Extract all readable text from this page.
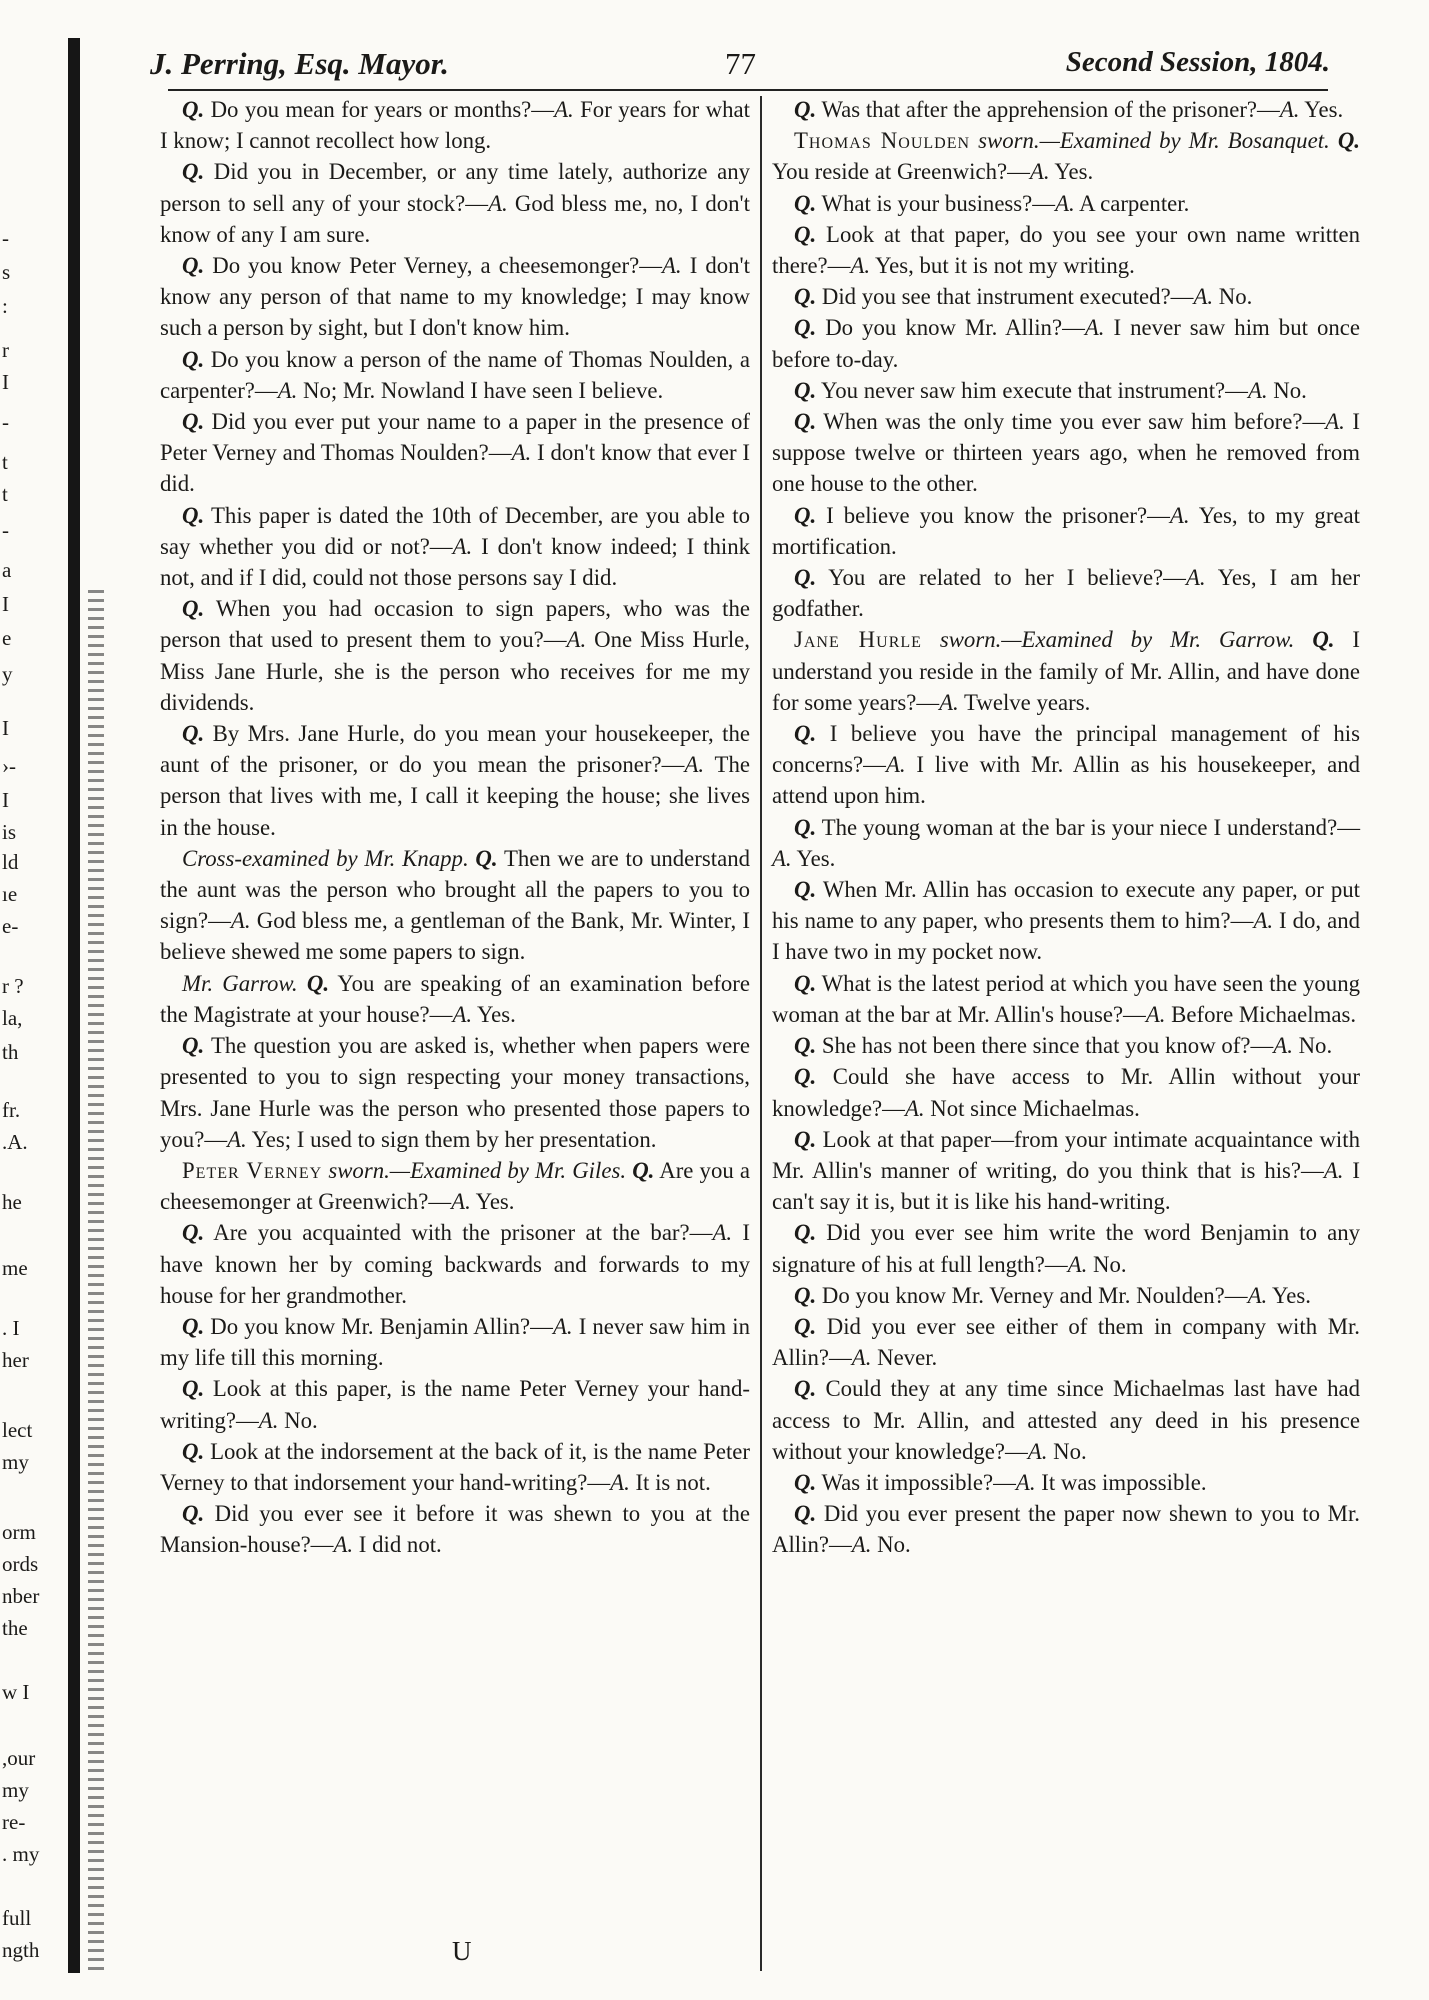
-
s
:
r
I
-
t
t
-
a
I
e
y
I
›-
I
is
ld
ıe
e-
r ?
la,
th
fr.
.A.
he
me
. I
her
lect
my
orm
ords
nber
the
w I
,our
my
re-
. my
full
ngth
J. Perring, Esq. Mayor.	77	Second Session, 1804.

Q. Do you mean for years or months?—A. For years for what I know; I cannot recollect how long.

Q. Did you in December, or any time lately, authorize any person to sell any of your stock?—A. God bless me, no, I don't know of any I am sure.

Q. Do you know Peter Verney, a cheesemonger?—A. I don't know any person of that name to my knowledge; I may know such a person by sight, but I don't know him.

Q. Do you know a person of the name of Thomas Noulden, a carpenter?—A. No; Mr. Nowland I have seen I believe.

Q. Did you ever put your name to a paper in the presence of Peter Verney and Thomas Noulden?—A. I don't know that ever I did.

Q. This paper is dated the 10th of December, are you able to say whether you did or not?—A. I don't know indeed; I think not, and if I did, could not those persons say I did.

Q. When you had occasion to sign papers, who was the person that used to present them to you?—A. One Miss Hurle, Miss Jane Hurle, she is the person who receives for me my dividends.

Q. By Mrs. Jane Hurle, do you mean your housekeeper, the aunt of the prisoner, or do you mean the prisoner?—A. The person that lives with me, I call it keeping the house; she lives in the house.

Cross-examined by Mr. Knapp. Q. Then we are to understand the aunt was the person who brought all the papers to you to sign?—A. God bless me, a gentleman of the Bank, Mr. Winter, I believe shewed me some papers to sign.

Mr. Garrow. Q. You are speaking of an examination before the Magistrate at your house?—A. Yes.

Q. The question you are asked is, whether when papers were presented to you to sign respecting your money transactions, Mrs. Jane Hurle was the person who presented those papers to you?—A. Yes; I used to sign them by her presentation.

Peter Verney sworn.—Examined by Mr. Giles. Q. Are you a cheesemonger at Greenwich?—A. Yes.

Q. Are you acquainted with the prisoner at the bar?—A. I have known her by coming backwards and forwards to my house for her grandmother.

Q. Do you know Mr. Benjamin Allin?—A. I never saw him in my life till this morning.

Q. Look at this paper, is the name Peter Verney your hand-writing?—A. No.

Q. Look at the indorsement at the back of it, is the name Peter Verney to that indorsement your hand-writing?—A. It is not.

Q. Did you ever see it before it was shewn to you at the Mansion-house?—A. I did not.

Q. Was that after the apprehension of the prisoner?—A. Yes.

Thomas Noulden sworn.—Examined by Mr. Bosanquet. Q. You reside at Greenwich?—A. Yes.

Q. What is your business?—A. A carpenter.

Q. Look at that paper, do you see your own name written there?—A. Yes, but it is not my writing.

Q. Did you see that instrument executed?—A. No.

Q. Do you know Mr. Allin?—A. I never saw him but once before to-day.

Q. You never saw him execute that instrument?—A. No.

Q. When was the only time you ever saw him before?—A. I suppose twelve or thirteen years ago, when he removed from one house to the other.

Q. I believe you know the prisoner?—A. Yes, to my great mortification.

Q. You are related to her I believe?—A. Yes, I am her godfather.

Jane Hurle sworn.—Examined by Mr. Garrow. Q. I understand you reside in the family of Mr. Allin, and have done for some years?—A. Twelve years.

Q. I believe you have the principal management of his concerns?—A. I live with Mr. Allin as his housekeeper, and attend upon him.

Q. The young woman at the bar is your niece I understand?—A. Yes.

Q. When Mr. Allin has occasion to execute any paper, or put his name to any paper, who presents them to him?—A. I do, and I have two in my pocket now.

Q. What is the latest period at which you have seen the young woman at the bar at Mr. Allin's house?—A. Before Michaelmas.

Q. She has not been there since that you know of?—A. No.

Q. Could she have access to Mr. Allin without your knowledge?—A. Not since Michaelmas.

Q. Look at that paper—from your intimate acquaintance with Mr. Allin's manner of writing, do you think that is his?—A. I can't say it is, but it is like his hand-writing.

Q. Did you ever see him write the word Benjamin to any signature of his at full length?—A. No.

Q. Do you know Mr. Verney and Mr. Noulden?—A. Yes.

Q. Did you ever see either of them in company with Mr. Allin?—A. Never.

Q. Could they at any time since Michaelmas last have had access to Mr. Allin, and attested any deed in his presence without your knowledge?—A. No.

Q. Was it impossible?—A. It was impossible.

Q. Did you ever present the paper now shewn to you to Mr. Allin?—A. No.

U
